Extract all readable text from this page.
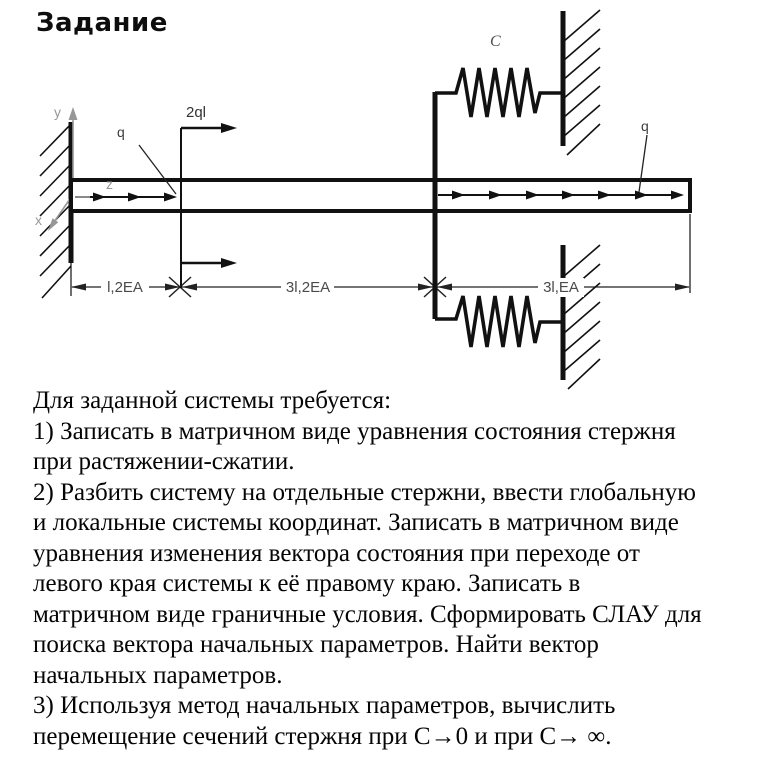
Задание
y
z
x
q	q
2ql
C
l,2EA	3l,2EA	3l,EA
Для заданной системы требуется:
1) Записать в матричном виде уравнения состояния стержня
при растяжении-сжатии.
2) Разбить систему на отдельные стержни, ввести глобальную
и локальные системы координат. Записать в матричном виде
уравнения изменения вектора состояния при переходе от
левого края системы к её правому краю. Записать в
матричном виде граничные условия. Сформировать СЛАУ для
поиска вектора начальных параметров. Найти вектор
начальных параметров.
3) Используя метод начальных параметров, вычислить
перемещение сечений стержня при C→0 и при C→ ∞.
